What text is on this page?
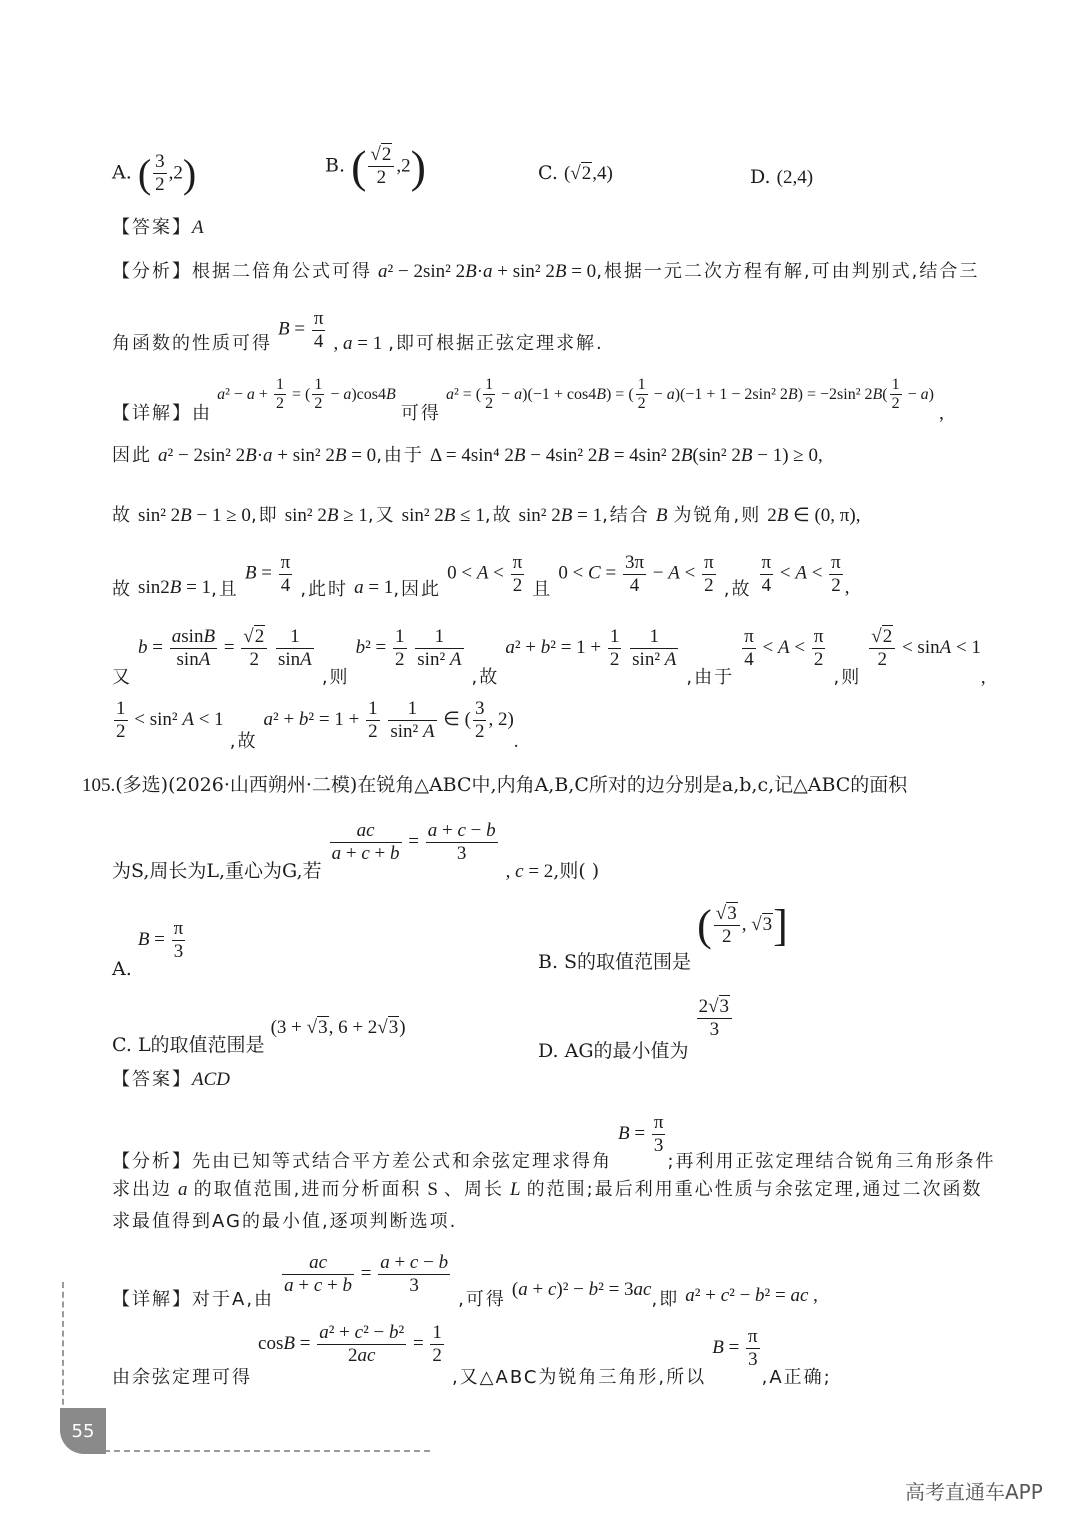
A. ( $\frac{3}{2} ,2$)	B. ( $\frac{√2}{2} ,2$)	C. (√2,4)	D. (2,4)
【答案】A
【分析】根据二倍角公式可得 a² − 2sin² 2B·a + sin² 2B = 0,根据一元二次方程有解,可由判别式,结合三
角函数的性质可得 $B = \frac{\pi}{4}$ , a = 1 ,即可根据正弦定理求解.
【详解】由 $a^2 - a + \frac{1}{2}$ = ( $\frac{1}{2} - a)\cos 4B$ 可得 a² = ( $\frac{1}{2} - a)(-1 + \cos 4B)$ = ( $\frac{1}{2} - a)(-1 + 1 - 2\sin^2$ 2B) = −2sin² $2B( \frac{1}{2} - a)$ ,
因此 a² − 2sin² 2B·a + sin² 2B = 0,由于 Δ = 4sin⁴ 2B − 4sin² 2B = 4sin² 2B(sin² 2B − 1) ≥ 0,
故 sin² 2B − 1 ≥ 0,即 sin² 2B ≥ 1,又 sin² 2B ≤ 1,故 sin² 2B = 1,结合 B 为锐角,则 2B ∈ (0, π),
故 sin2B = 1,且 $B = \frac{\pi}{4}$ ,此时 a = 1,因此 $0 < A < \frac{\pi}{2}$ 且 $0 < C = \frac{3\pi}{4} - A < \frac{\pi}{2}$ ,故 $\frac{\pi}{4} < A < \frac{\pi}{2}$ ,
又 $b = \frac{asinB}{\sin A} = \frac{√2}{2}$
$\frac{1}{\sin A}$
,则 $b^2 = \frac{1}{2}$
$\frac{1}{\text{sin² A}}$
,故 $a^2 + b^2 = 1 + \frac{1}{2}$
$\frac{1}{\text{sin² A}}$
,由于
$\frac{\pi}{4} < A < \frac{\pi}{2}$
,则
$\frac{√2}{2} < \sin A < 1$,
$\frac{1}{2} < \sin^2$ A < 1 ,故 $a^2 + b^2 = 1 + \frac{1}{2}$
$\frac{1}{\text{sin² A}}$ ∈ ( $\frac{3}{2}$ , 2).
105.(多选)(2026·山西朔州·二模)在锐角△ABC中,内角A,B,C所对的边分别是a,b,c,记△ABC的面积
为S,周长为L,重心为G,若
$\frac{ac}{a + c + b} = \frac{a + c - b}{3}$
, c = 2,则( )
A. $B = \frac{\pi}{3}$	B. S的取值范围是 ( $\frac{√3}{2}$ , √3]
C. L的取值范围是 (3 + √3, 6 + 2√3)
D. AG的最小值为
$\frac{2√3}{3}$
【答案】ACD
【分析】先由已知等式结合平方差公式和余弦定理求得角 $B = \frac{\pi}{3}$
;再利用正弦定理结合锐角三角形条件
求出边 a 的取值范围,进而分析面积 S 、周长 L 的范围;最后利用重心性质与余弦定理,通过二次函数
求最值得到AG的最小值,逐项判断选项.
【详解】对于A,由
$\frac{ac}{a + c + b} = \frac{a + c - b}{3}$
,可得 (a + c)² − b² = 3ac,即 a² + c² − b² = ac ,
由余弦定理可得 $\cos B = \frac{\text{a² + c² − b²}}{2ac} = \frac{1}{2}$
,又△ABC为锐角三角形,所以 $B = \frac{\pi}{3}$
,A正确;
55
高考直通车APP
